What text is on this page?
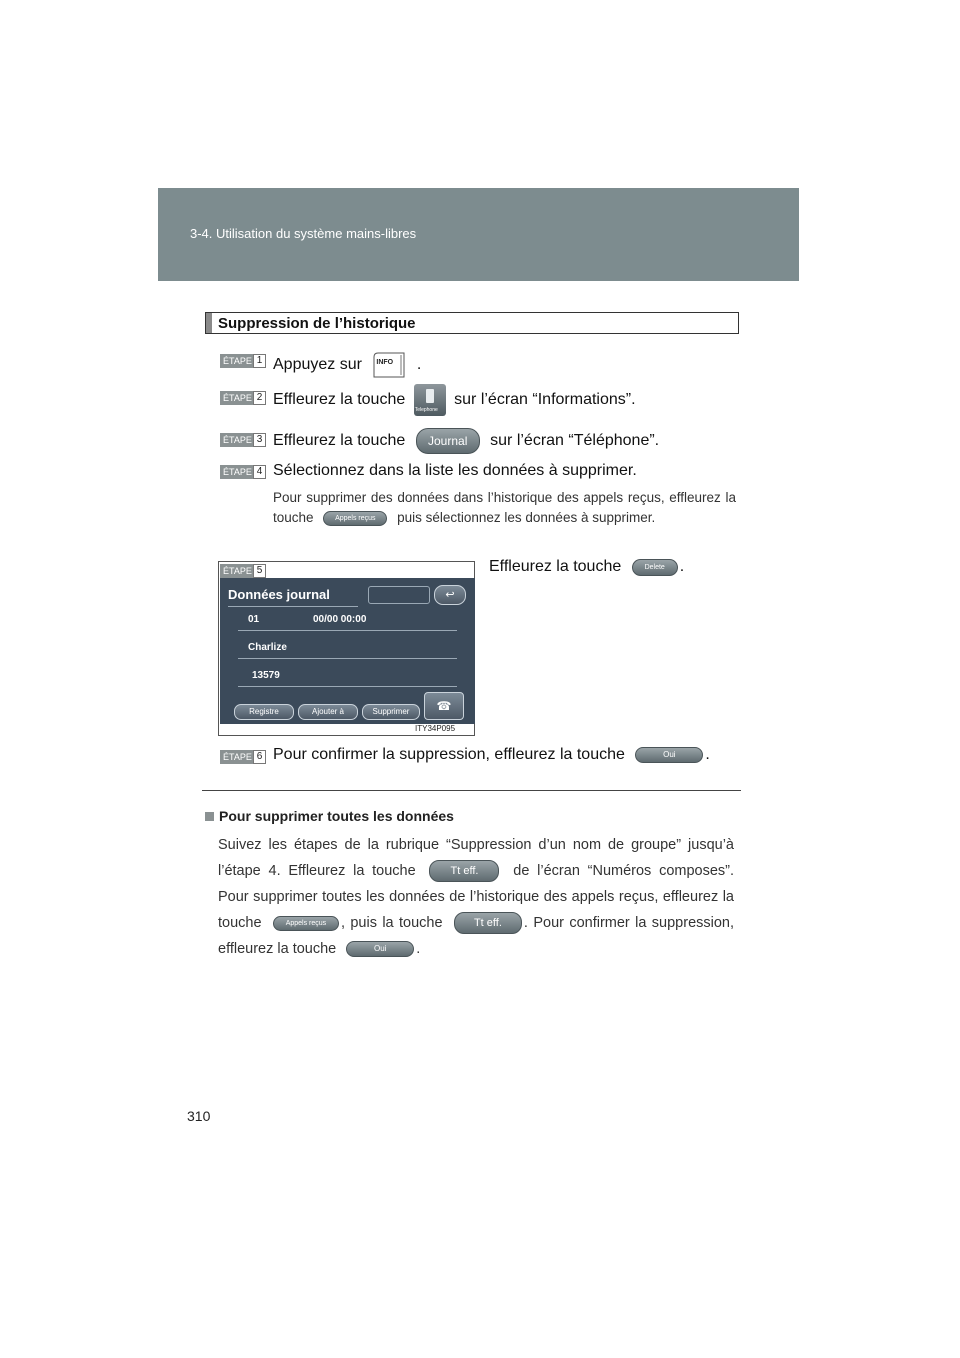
3-4. Utilisation du système mains-libres
Suppression de l’historique
ÉTAPE 1 Appuyez sur INFO .
ÉTAPE 2 Effleurez la touche
Telephone
sur l’écran “Informations”.
ÉTAPE 3 Effleurez la touche Journal sur l’écran “Téléphone”.
ÉTAPE 4 Sélectionnez dans la liste les données à supprimer.
Pour supprimer des données dans l’historique des appels reçus, effleurez la touche	Appels reçus puis sélectionnez les données à supprimer.
ÉTAPE 5
Données journal	↩
01	00/00 00:00
Charlize
13579
☎
Registre	Ajouter à	Supprimer
ITY34P095
Effleurez la touche	Delete .
ÉTAPE 6 Pour confirmer la suppression, effleurez la touche	Oui .
Pour supprimer toutes les données
Suivez les étapes de la rubrique “Suppression d’un nom de groupe” jusqu’à l’étape 4. Effleurez la touche	Tt eff. de l’écran “Numéros composes”. Pour supprimer toutes les données de l’historique des appels reçus, effleurez la touche	Appels reçus , puis la touche	Tt eff. . Pour confirmer la suppression, effleurez la touche	Oui .
310
